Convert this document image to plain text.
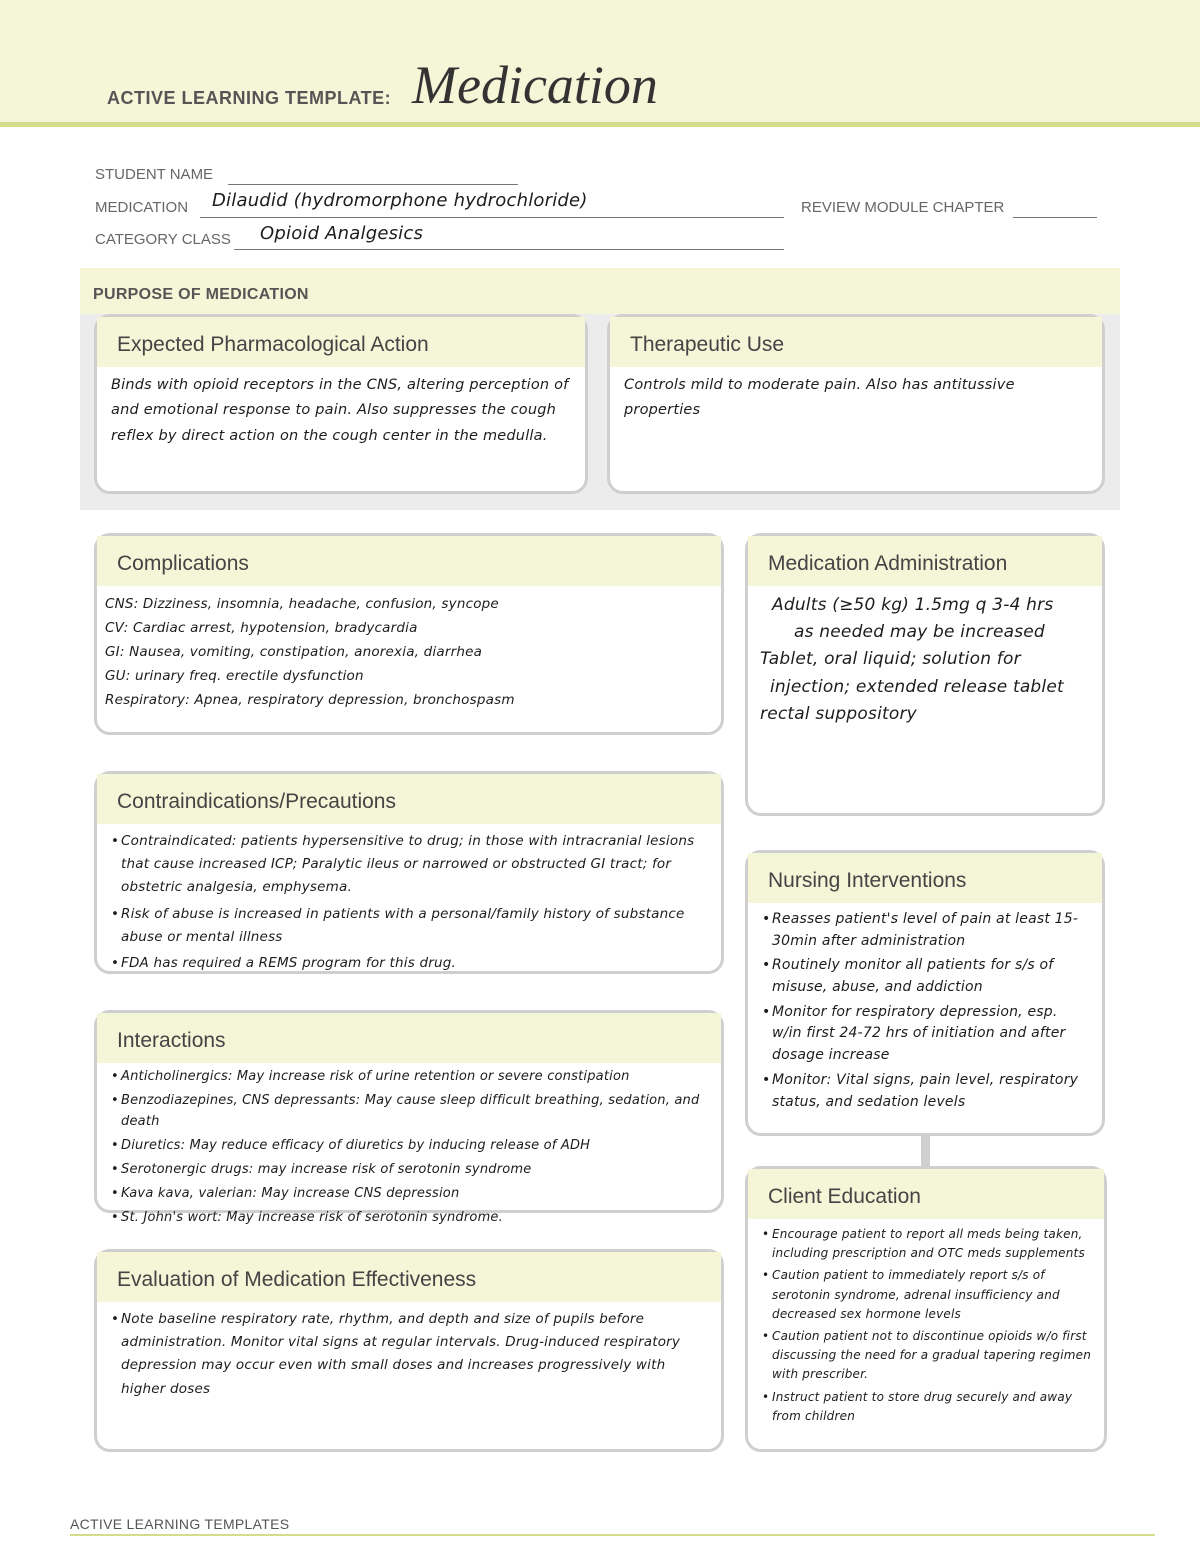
ACTIVE LEARNING TEMPLATE: Medication
STUDENT NAME
MEDICATION Dilaudid (hydromorphone hydrochloride)	REVIEW MODULE CHAPTER
CATEGORY CLASS Opioid Analgesics
PURPOSE OF MEDICATION
Expected Pharmacological Action

Binds with opioid receptors in the CNS, altering perception of and emotional response to pain. Also suppresses the cough reflex by direct action on the cough center in the medulla.

Therapeutic Use

Controls mild to moderate pain. Also has antitussive properties

Complications

CNS: Dizziness, insomnia, headache, confusion, syncope

CV: Cardiac arrest, hypotension, bradycardia

GI: Nausea, vomiting, constipation, anorexia, diarrhea

GU: urinary freq. erectile dysfunction

Respiratory: Apnea, respiratory depression, bronchospasm

Medication Administration

Adults (≥50 kg) 1.5mg q 3-4 hrs

as needed may be increased

Tablet, oral liquid; solution for

injection; extended release tablet

rectal suppository

Contraindications/Precautions
• Contraindicated: patients hypersensitive to drug; in those with intracranial lesions that cause increased ICP; Paralytic ileus or narrowed or obstructed GI tract; for obstetric analgesia, emphysema.
• Risk of abuse is increased in patients with a personal/family history of substance abuse or mental illness
• FDA has required a REMS program for this drug.
Nursing Interventions
• Reasses patient's level of pain at least 15-30min after administration
• Routinely monitor all patients for s/s of misuse, abuse, and addiction
• Monitor for respiratory depression, esp. w/in first 24-72 hrs of initiation and after dosage increase
• Monitor: Vital signs, pain level, respiratory status, and sedation levels
Interactions
• Anticholinergics: May increase risk of urine retention or severe constipation
• Benzodiazepines, CNS depressants: May cause sleep difficult breathing, sedation, and death
• Diuretics: May reduce efficacy of diuretics by inducing release of ADH
• Serotonergic drugs: may increase risk of serotonin syndrome
• Kava kava, valerian: May increase CNS depression
• St. John's wort: May increase risk of serotonin syndrome.
Client Education
• Encourage patient to report all meds being taken, including prescription and OTC meds supplements
• Caution patient to immediately report s/s of serotonin syndrome, adrenal insufficiency and decreased sex hormone levels
• Caution patient not to discontinue opioids w/o first discussing the need for a gradual tapering regimen with prescriber.
• Instruct patient to store drug securely and away from children
Evaluation of Medication Effectiveness
• Note baseline respiratory rate, rhythm, and depth and size of pupils before administration. Monitor vital signs at regular intervals. Drug-induced respiratory depression may occur even with small doses and increases progressively with higher doses
ACTIVE LEARNING TEMPLATES
